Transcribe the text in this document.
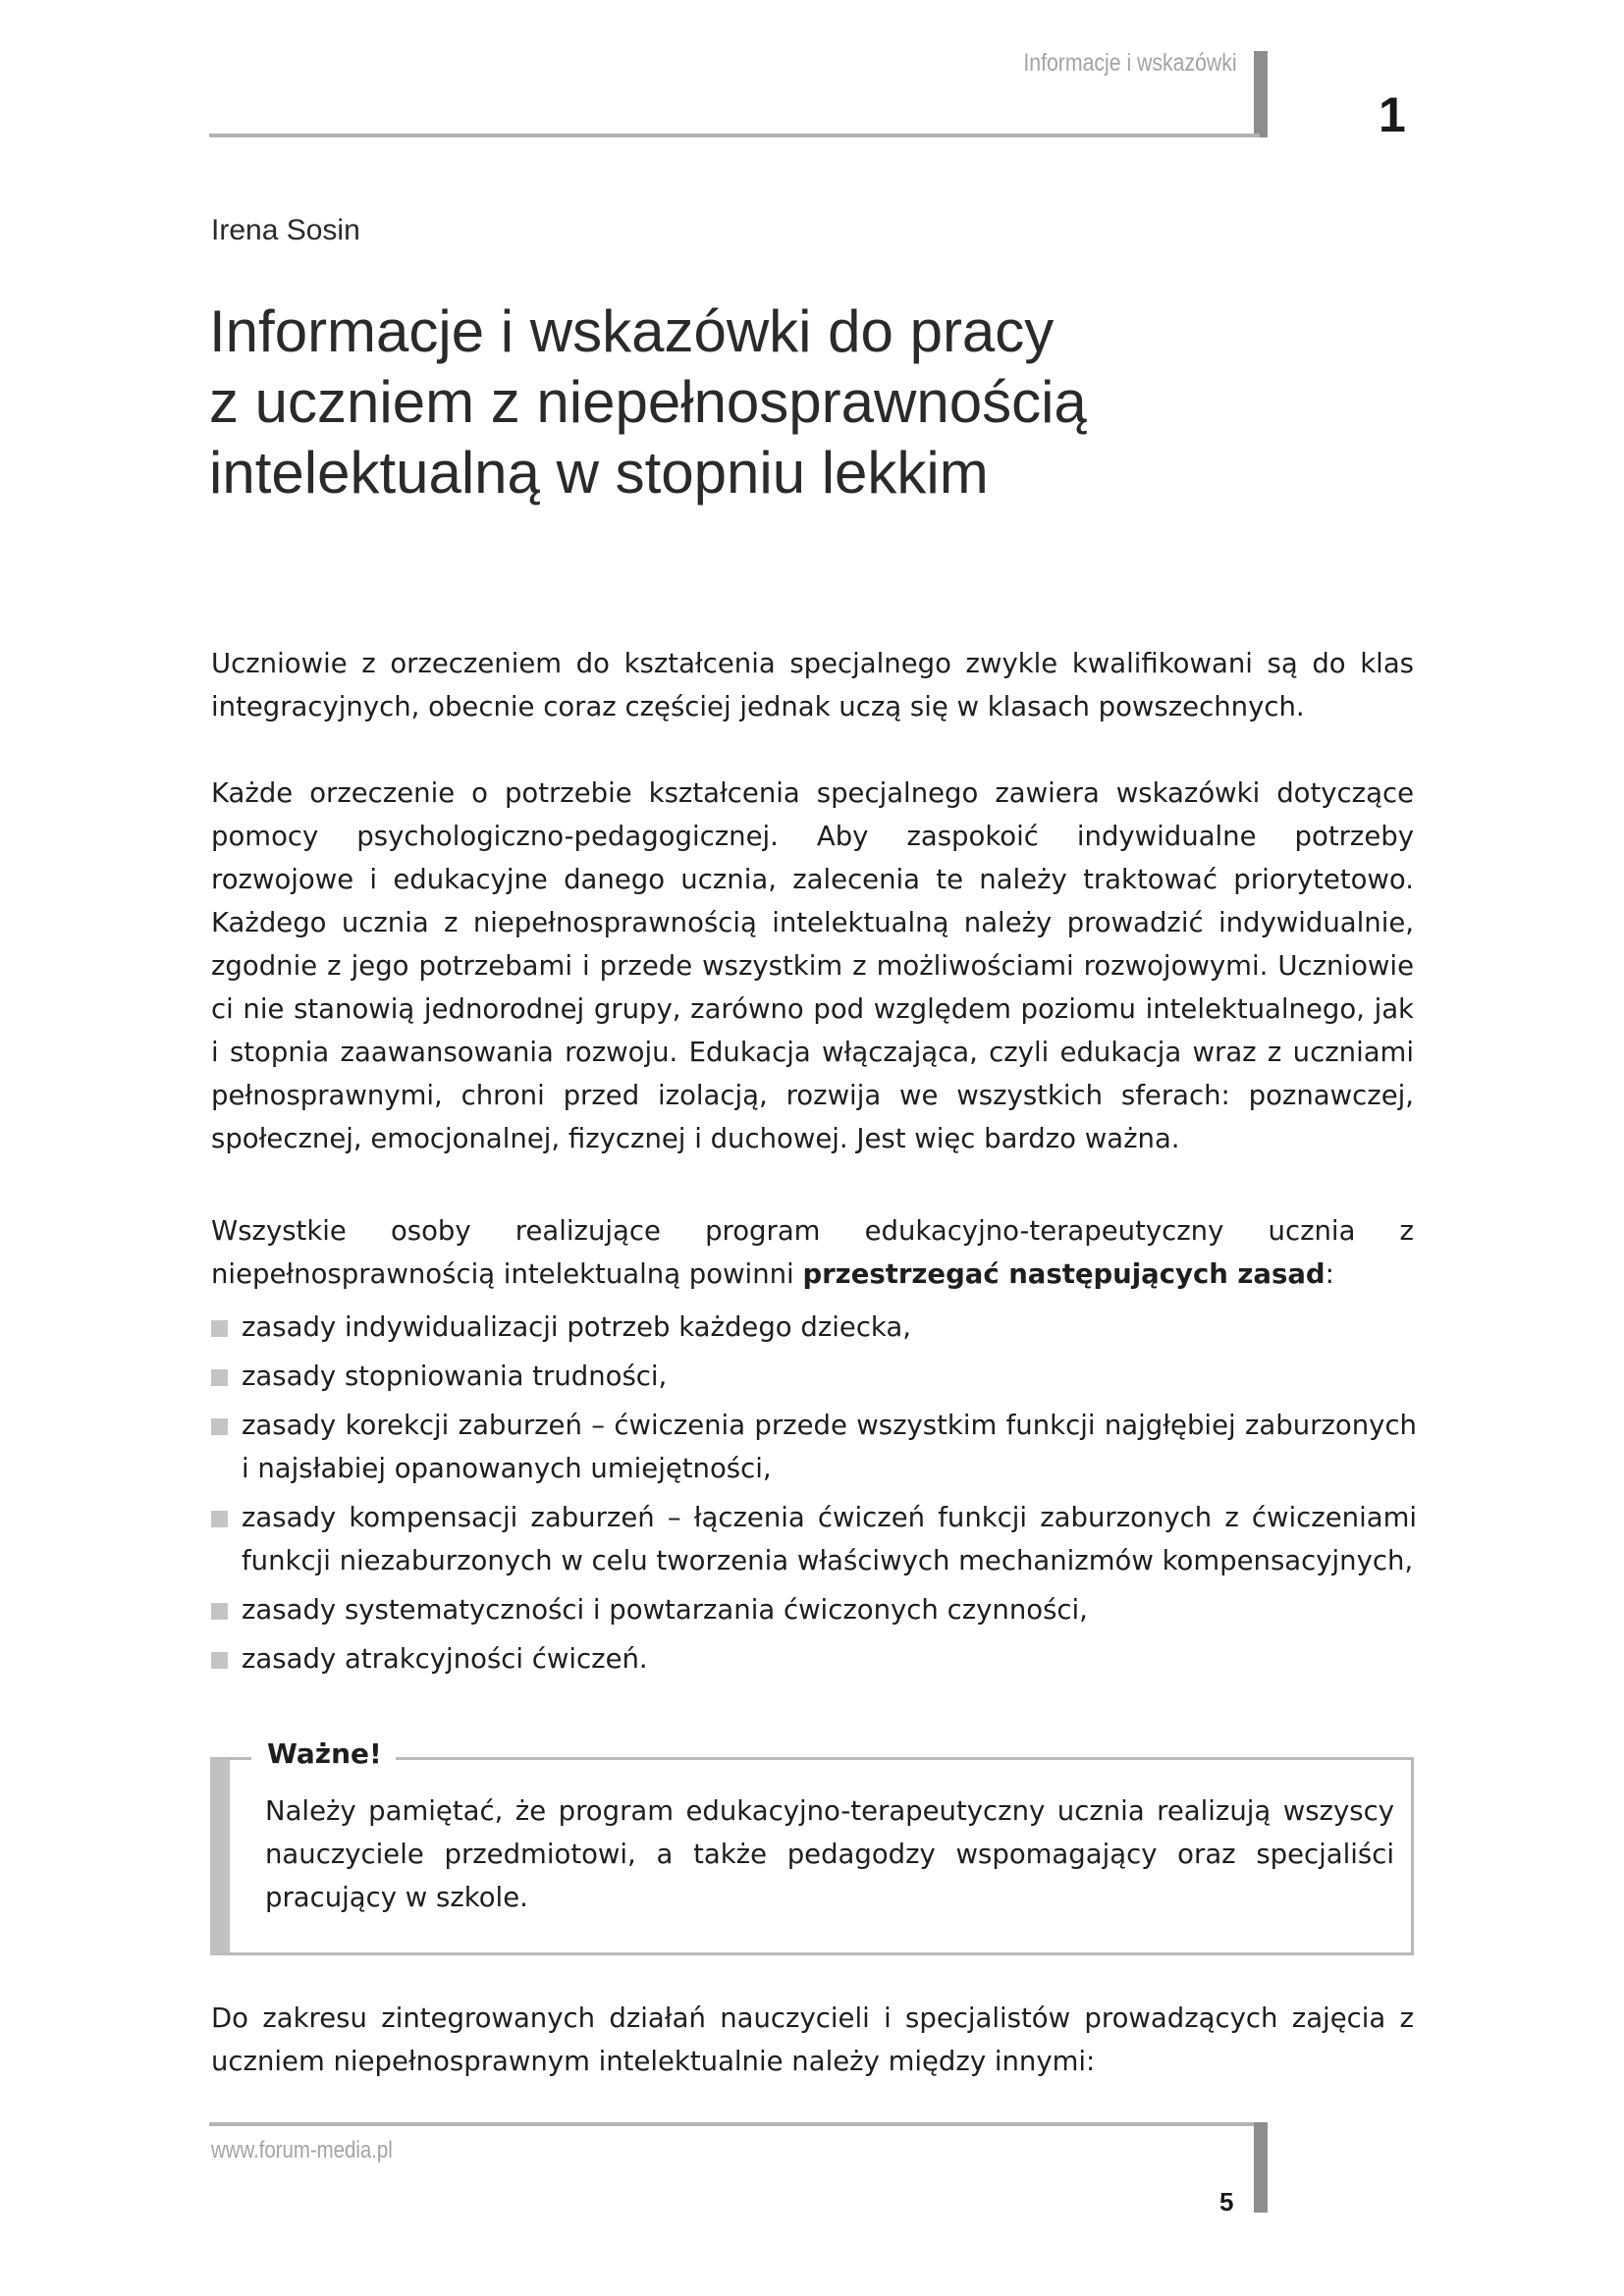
Informacje i wskazówki
1
Irena Sosin
Informacje i wskazówki do pracy
z uczniem z niepełnosprawnością
intelektualną w stopniu lekkim

Uczniowie z orzeczeniem do kształcenia specjalnego zwykle kwalifikowani są do klas integracyjnych, obecnie coraz częściej jednak uczą się w klasach powszechnych.

Każde orzeczenie o potrzebie kształcenia specjalnego zawiera wskazówki dotyczące pomocy psychologiczno-pedagogicznej. Aby zaspokoić indywidualne potrzeby rozwojowe i edukacyjne danego ucznia, zalecenia te należy traktować priorytetowo. Każdego ucznia z niepełnosprawnością intelektualną należy prowadzić indywidualnie, zgodnie z jego potrzebami i przede wszystkim z możliwościami rozwojowymi. Uczniowie ci nie stanowią jednorodnej grupy, zarówno pod względem poziomu intelektualnego, jak i stopnia zaawansowania rozwoju. Edukacja włączająca, czyli edukacja wraz z uczniami pełnosprawnymi, chroni przed izolacją, rozwija we wszystkich sferach: poznawczej, społecznej, emocjonalnej, fizycznej i duchowej. Jest więc bardzo ważna.

Wszystkie osoby realizujące program edukacyjno-terapeutyczny ucznia z niepełnosprawnością intelektualną powinni przestrzegać następujących zasad:

zasady indywidualizacji potrzeb każdego dziecka,
zasady stopniowania trudności,
zasady korekcji zaburzeń – ćwiczenia przede wszystkim funkcji najgłębiej zaburzonych i najsłabiej opanowanych umiejętności,
zasady kompensacji zaburzeń – łączenia ćwiczeń funkcji zaburzonych z ćwiczeniami funkcji niezaburzonych w celu tworzenia właściwych mechanizmów kompensacyjnych,
zasady systematyczności i powtarzania ćwiczonych czynności,
zasady atrakcyjności ćwiczeń.
Ważne!

Należy pamiętać, że program edukacyjno-terapeutyczny ucznia realizują wszyscy nauczyciele przedmiotowi, a także pedagodzy wspomagający oraz specjaliści pracujący w szkole.

Do zakresu zintegrowanych działań nauczycieli i specjalistów prowadzących zajęcia z uczniem niepełnosprawnym intelektualnie należy między innymi:

www.forum-media.pl
5
